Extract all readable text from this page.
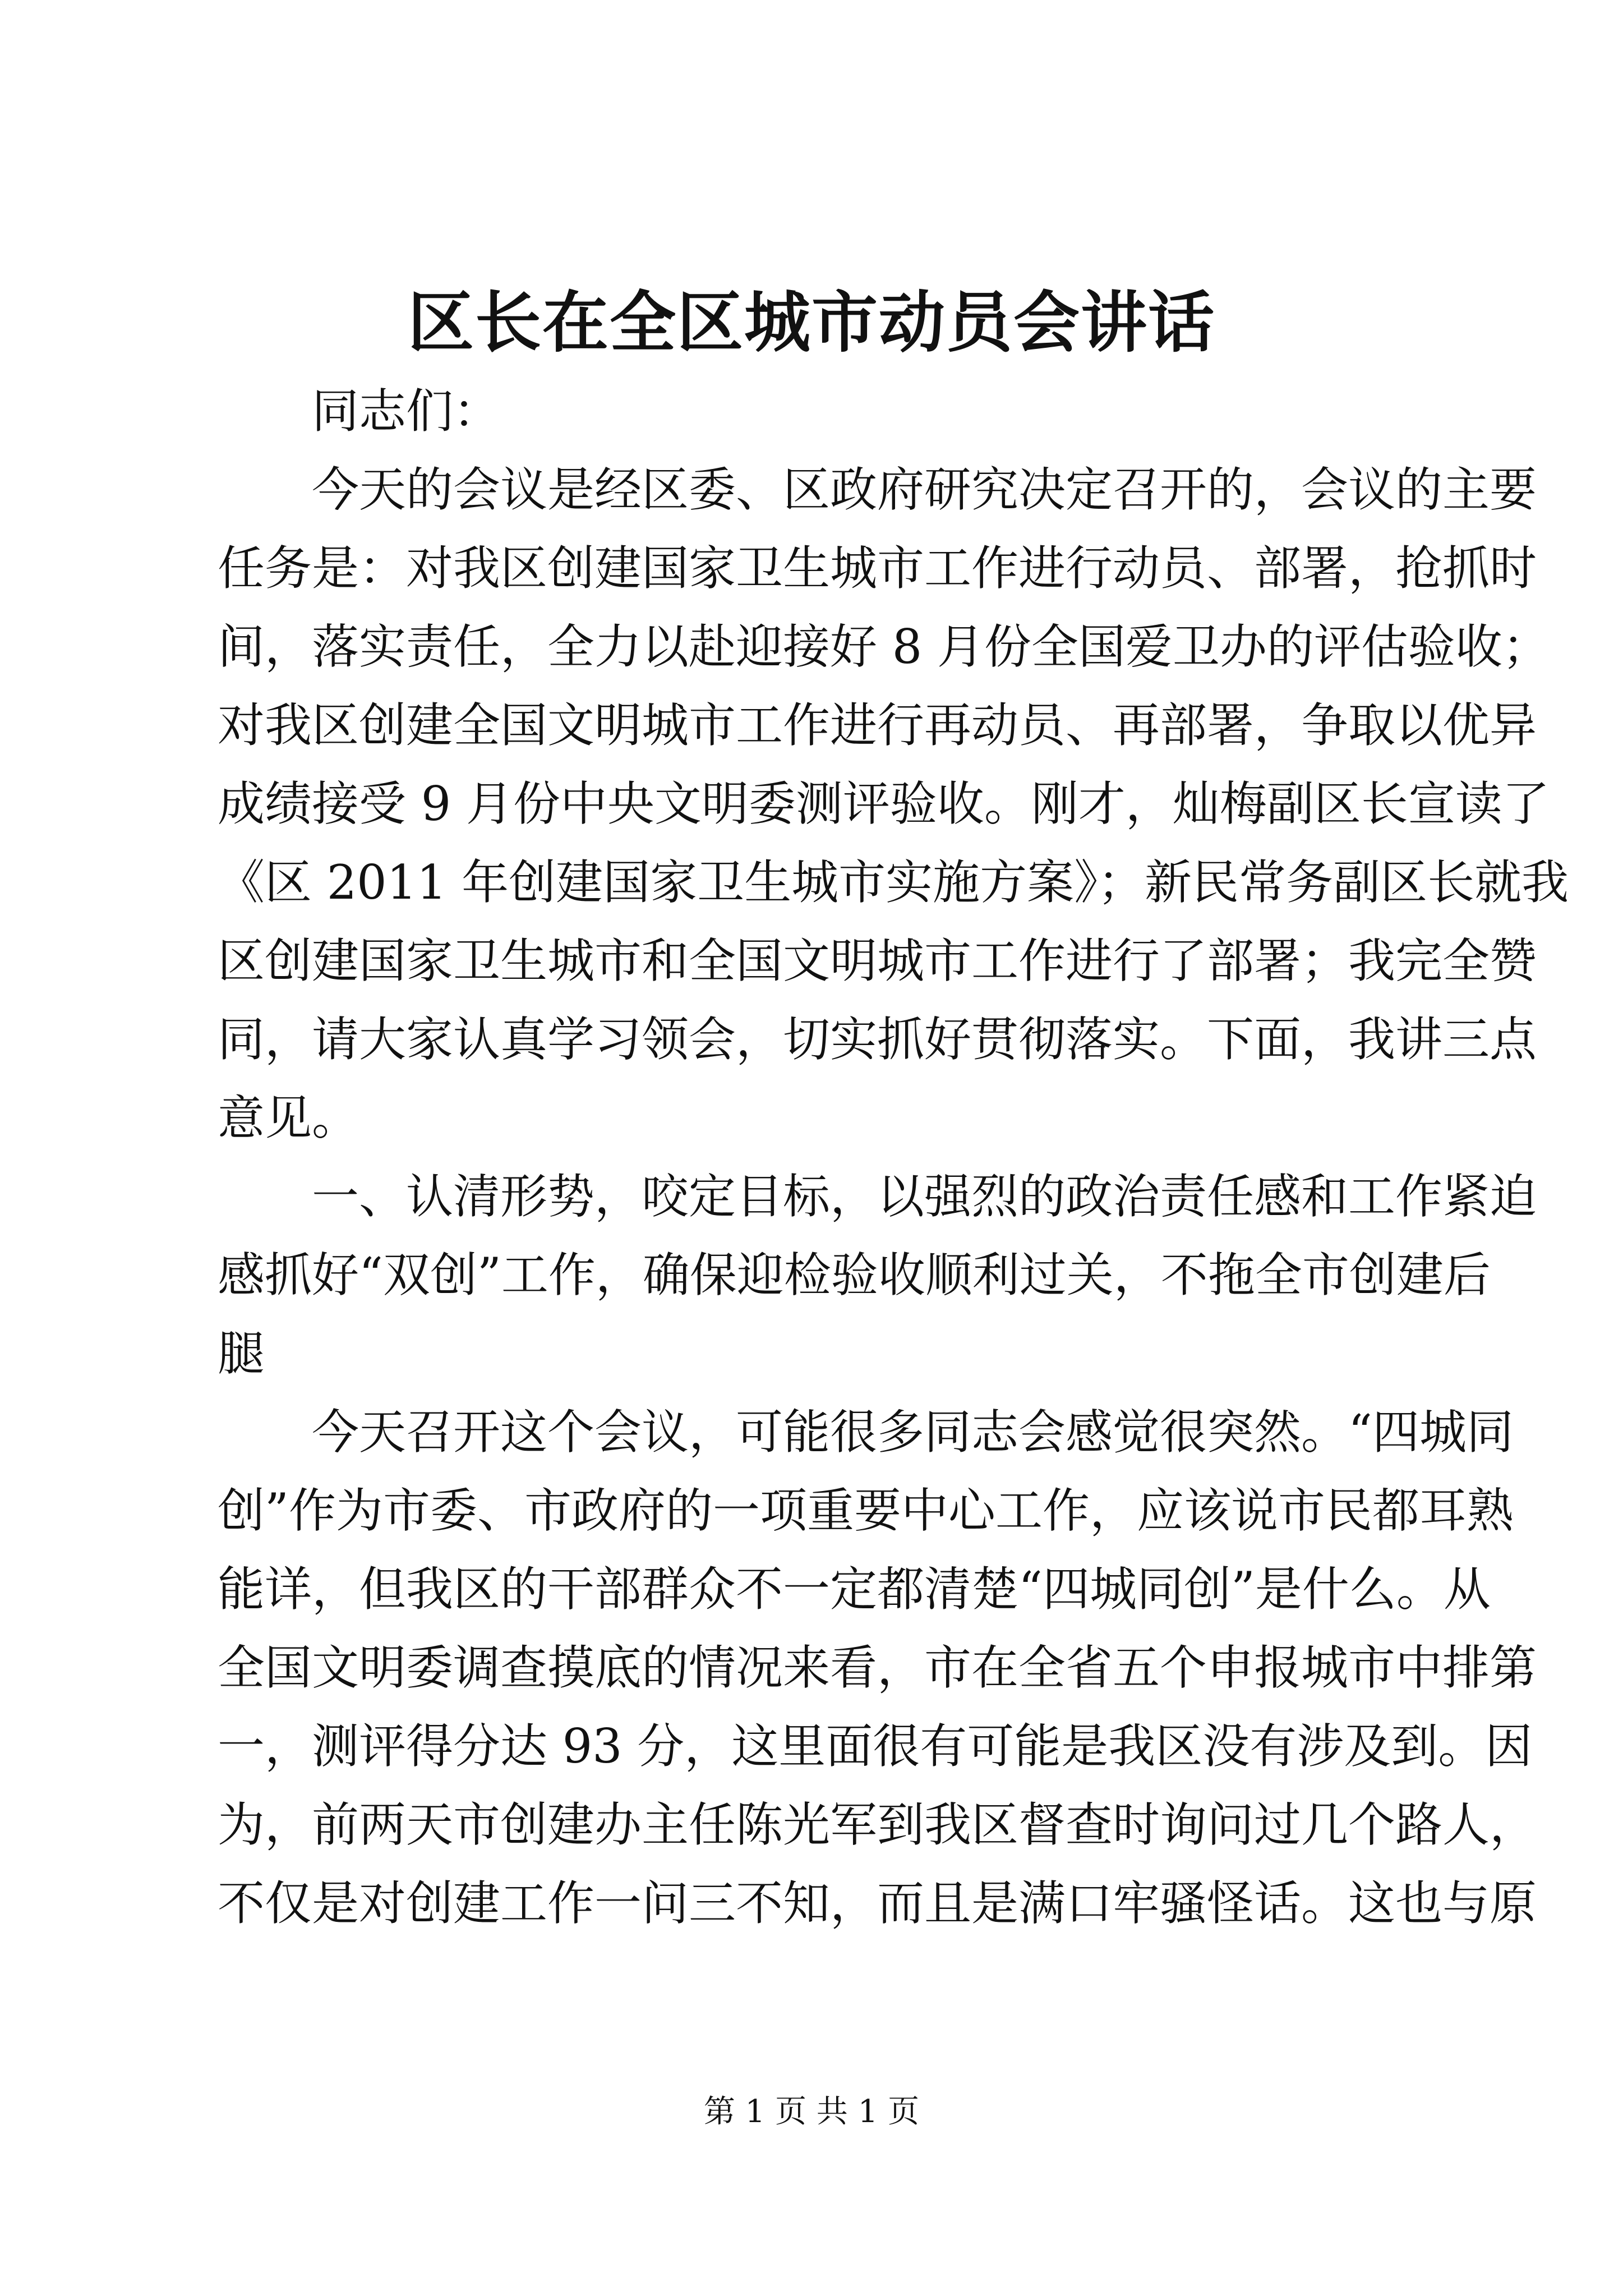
区长在全区城市动员会讲话

同志们：

今天的会议是经区委、区政府研究决定召开的，会议的主要

任务是：对我区创建国家卫生城市工作进行动员、部署，抢抓时

间，落实责任，全力以赴迎接好 8 月份全国爱卫办的评估验收；

对我区创建全国文明城市工作进行再动员、再部署，争取以优异

成绩接受 9 月份中央文明委测评验收。刚才，灿梅副区长宣读了

《区 2011 年创建国家卫生城市实施方案》；新民常务副区长就我

区创建国家卫生城市和全国文明城市工作进行了部署；我完全赞

同，请大家认真学习领会，切实抓好贯彻落实。下面，我讲三点

意见。

一、认清形势，咬定目标，以强烈的政治责任感和工作紧迫

感抓好“双创”工作，确保迎检验收顺利过关，不拖全市创建后

腿

今天召开这个会议，可能很多同志会感觉很突然。“四城同

创”作为市委、市政府的一项重要中心工作，应该说市民都耳熟

能详，但我区的干部群众不一定都清楚“四城同创”是什么。从

全国文明委调查摸底的情况来看，市在全省五个申报城市中排第

一，测评得分达 93 分，这里面很有可能是我区没有涉及到。因

为，前两天市创建办主任陈光军到我区督查时询问过几个路人，

不仅是对创建工作一问三不知，而且是满口牢骚怪话。这也与原

第 1 页 共 1 页
